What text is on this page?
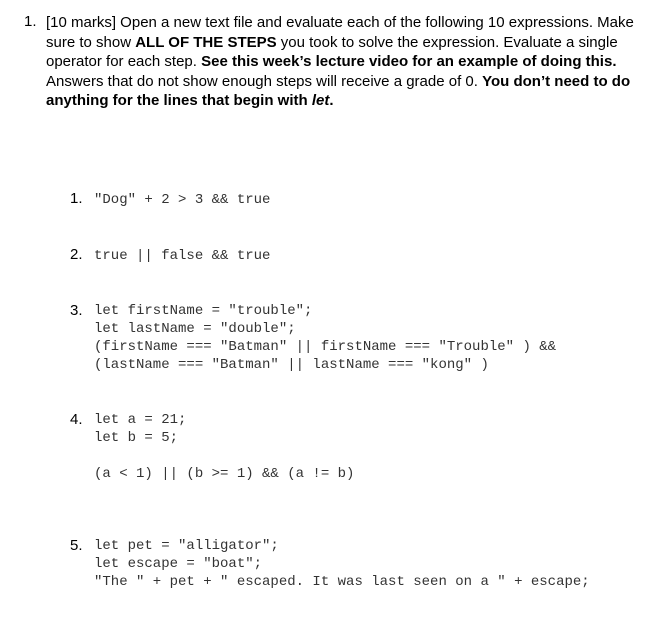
1. [10 marks] Open a new text file and evaluate each of the following 10 expressions. Make sure to show ALL OF THE STEPS you took to solve the expression. Evaluate a single operator for each step. See this week’s lecture video for an example of doing this. Answers that do not show enough steps will receive a grade of 0. You don’t need to do anything for the lines that begin with let.
1. "Dog" + 2 > 3 && true
2. true || false && true
3. let firstName = "trouble";
let lastName = "double";
(firstName === "Batman" || firstName === "Trouble" ) &&
(lastName === "Batman" || lastName === "kong" )
4. let a = 21;
let b = 5;
(a < 1) || (b >= 1) && (a != b)
5. let pet = "alligator";
let escape = "boat";
"The " + pet + " escaped. It was last seen on a " + escape;
